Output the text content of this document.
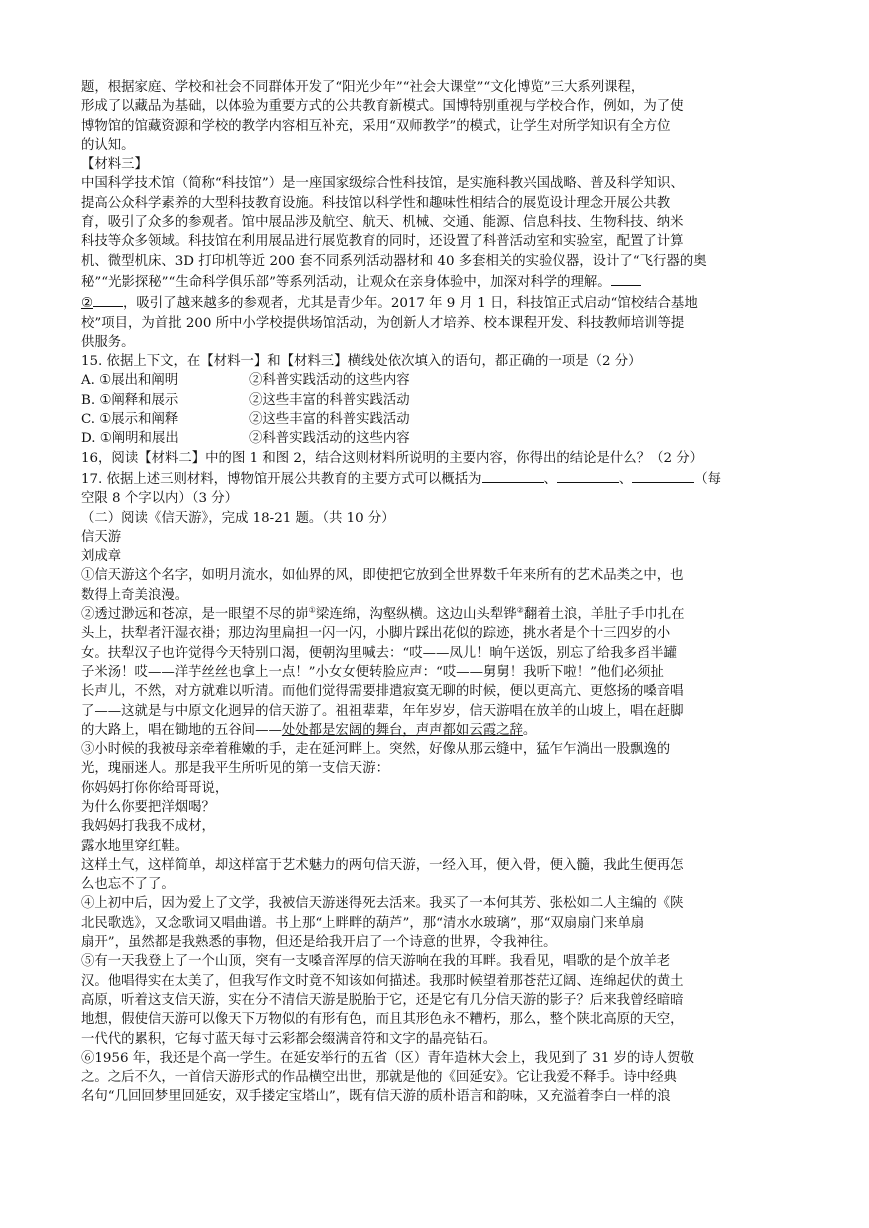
题，根据家庭、学校和社会不同群体开发了“阳光少年”“社会大课堂”“文化博览”三大系列课程，

形成了以藏品为基础，以体验为重要方式的公共教育新模式。国博特别重视与学校合作，例如，为了使

博物馆的馆藏资源和学校的教学内容相互补充，采用“双师教学”的模式，让学生对所学知识有全方位

的认知。

【材料三】

中国科学技术馆（简称“科技馆”）是一座国家级综合性科技馆，是实施科教兴国战略、普及科学知识、

提高公众科学素养的大型科技教育设施。科技馆以科学性和趣味性相结合的展览设计理念开展公共教

育，吸引了众多的参观者。馆中展品涉及航空、航天、机械、交通、能源、信息科技、生物科技、纳米

科技等众多领域。科技馆在利用展品进行展览教育的同时，还设置了科普活动室和实验室，配置了计算

机、微型机床、3D 打印机等近 200 套不同系列活动器材和 40 多套相关的实验仪器，设计了“飞行器的奥

秘”“光影探秘”“生命科学俱乐部”等系列活动，让观众在亲身体验中，加深对科学的理解。

② ，吸引了越来越多的参观者，尤其是青少年。2017 年 9 月 1 日，科技馆正式启动“馆校结合基地

校”项目，为首批 200 所中小学校提供场馆活动，为创新人才培养、校本课程开发、科技教师培训等提

供服务。

15. 依据上下文，在【材料一】和【材料三】横线处依次填入的语句，都正确的一项是（2 分）

A. ①展出和阐明	②科普实践活动的这些内容
B. ①阐释和展示	②这些丰富的科普实践活动
C. ①展示和阐释	②这些丰富的科普实践活动
D. ①阐明和展出	②科普实践活动的这些内容

16，阅读【材料二】中的图 1 和图 2，结合这则材料所说明的主要内容，你得出的结论是什么？（2 分）

17. 依据上述三则材料，博物馆开展公共教育的主要方式可以概括为	、	、	（每

空限 8 个字以内）（3 分）

（二）阅读《信天游》，完成 18-21 题。（共 10 分）

信天游

刘成章

①信天游这个名字，如明月流水，如仙界的风，即使把它放到全世界数千年来所有的艺术品类之中，也

数得上奇美浪漫。

②透过渺远和苍凉，是一眼望不尽的峁①梁连绵，沟壑纵横。这边山头犁铧②翻着土浪，羊肚子手巾扎在

头上，扶犁者汗湿衣褂；那边沟里扁担一闪一闪，小脚片踩出花似的踪迹，挑水者是个十三四岁的小

女。扶犁汉子也许觉得今天特别口渴，便朝沟里喊去：“哎——凤儿！晌午送饭，别忘了给我多舀半罐

子米汤！哎——洋芋丝丝也拿上一点！”小女女便转脸应声：“哎——舅舅！我听下啦！”他们必须扯

长声儿，不然，对方就难以听清。而他们觉得需要排遣寂寞无聊的时候，便以更高亢、更悠扬的嗓音唱

了——这就是与中原文化迥异的信天游了。祖祖辈辈，年年岁岁，信天游唱在放羊的山坡上，唱在赶脚

的大路上，唱在锄地的五谷间——处处都是宏阔的舞台，声声都如云霞之辞。

③小时候的我被母亲牵着稚嫩的手，走在延河畔上。突然，好像从那云缝中，猛乍乍淌出一股飘逸的

光，瑰丽迷人。那是我平生所听见的第一支信天游：

你妈妈打你你给哥哥说，

为什么你要把洋烟喝？

我妈妈打我我不成材，

露水地里穿红鞋。

这样土气，这样简单，却这样富于艺术魅力的两句信天游，一经入耳，便入骨，便入髓，我此生便再怎

么也忘不了了。

④上初中后，因为爱上了文学，我被信天游迷得死去活来。我买了一本何其芳、张松如二人主编的《陕

北民歌选》，又念歌词又唱曲谱。书上那“上畔畔的葫芦”，那“清水水玻璃”，那“双扇扇门来单扇

扇开”，虽然都是我熟悉的事物，但还是给我开启了一个诗意的世界，令我神往。

⑤有一天我登上了一个山顶，突有一支嗓音浑厚的信天游响在我的耳畔。我看见，唱歌的是个放羊老

汉。他唱得实在太美了，但我写作文时竟不知该如何描述。我那时候望着那苍茫辽阔、连绵起伏的黄土

高原，听着这支信天游，实在分不清信天游是脱胎于它，还是它有几分信天游的影子？后来我曾经暗暗

地想，假使信天游可以像天下万物似的有形有色，而且其形色永不糟朽，那么，整个陕北高原的天空，

一代代的累积，它每寸蓝天每寸云彩都会缀满音符和文字的晶亮钻石。

⑥1956 年，我还是个高一学生。在延安举行的五省（区）青年造林大会上，我见到了 31 岁的诗人贺敬

之。之后不久，一首信天游形式的作品横空出世，那就是他的《回延安》。它让我爱不释手。诗中经典

名句“几回回梦里回延安，双手搂定宝塔山”，既有信天游的质朴语言和韵味，又充溢着李白一样的浪
